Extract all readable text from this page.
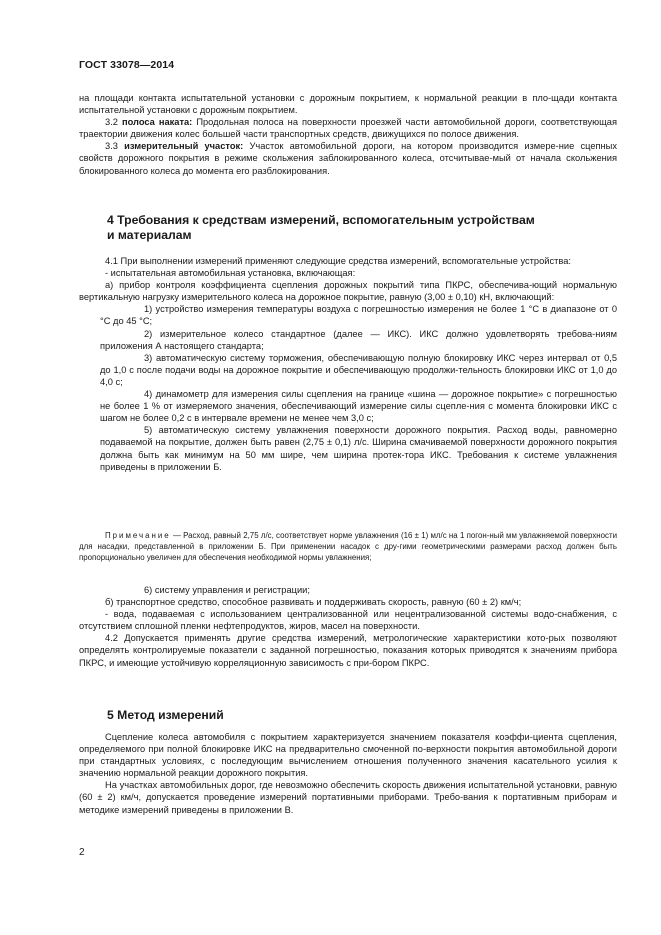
ГОСТ 33078—2014

на площади контакта испытательной установки с дорожным покрытием, к нормальной реакции в пло-щади контакта испытательной установки с дорожным покрытием.

3.2 полоса наката: Продольная полоса на поверхности проезжей части автомобильной дороги, соответствующая траектории движения колес большей части транспортных средств, движущихся по полосе движения.

3.3 измерительный участок: Участок автомобильной дороги, на котором производится измере-ние сцепных свойств дорожного покрытия в режиме скольжения заблокированного колеса, отсчитывае-мый от начала скольжения блокированного колеса до момента его разблокирования.

4 Требования к средствам измерений, вспомогательным устройствам
и материалам

4.1 При выполнении измерений применяют следующие средства измерений, вспомогательные устройства:

- испытательная автомобильная установка, включающая:

а) прибор контроля коэффициента сцепления дорожных покрытий типа ПКРС, обеспечива-ющий нормальную вертикальную нагрузку измерительного колеса на дорожное покрытие, равную (3,00 ± 0,10) кН, включающий:

1) устройство измерения температуры воздуха с погрешностью измерения не более 1 °С в диапазоне от 0 °С до 45 °С;

2) измерительное колесо стандартное (далее — ИКС). ИКС должно удовлетворять требова-ниям приложения А настоящего стандарта;

3) автоматическую систему торможения, обеспечивающую полную блокировку ИКС через интервал от 0,5 до 1,0 с после подачи воды на дорожное покрытие и обеспечивающую продолжи-тельность блокировки ИКС от 1,0 до 4,0 с;

4) динамометр для измерения силы сцепления на границе «шина — дорожное покрытие» с погрешностью не более 1 % от измеряемого значения, обеспечивающий измерение силы сцепле-ния с момента блокировки ИКС с шагом не более 0,2 с в интервале времени не менее чем 3,0 с;

5) автоматическую систему увлажнения поверхности дорожного покрытия. Расход воды, равномерно подаваемой на покрытие, должен быть равен (2,75 ± 0,1) л/с. Ширина смачиваемой поверхности дорожного покрытия должна быть как минимум на 50 мм шире, чем ширина протек-тора ИКС. Требования к системе увлажнения приведены в приложении Б.

Примечание — Расход, равный 2,75 л/с, соответствует норме увлажнения (16 ± 1) мл/с на 1 погон-ный мм увлажняемой поверхности для насадки, представленной в приложении Б. При применении насадок с дру-гими геометрическими размерами расход должен быть пропорционально увеличен для обеспечения необходимой нормы увлажнения;

6) систему управления и регистрации;

б) транспортное средство, способное развивать и поддерживать скорость, равную (60 ± 2) км/ч;

- вода, подаваемая с использованием централизованной или нецентрализованной системы водо-снабжения, с отсутствием сплошной пленки нефтепродуктов, жиров, масел на поверхности.

4.2 Допускается применять другие средства измерений, метрологические характеристики кото-рых позволяют определять контролируемые показатели с заданной погрешностью, показания которых приводятся к значениям прибора ПКРС, и имеющие устойчивую корреляционную зависимость с при-бором ПКРС.

5 Метод измерений

Сцепление колеса автомобиля с покрытием характеризуется значением показателя коэффи-циента сцепления, определяемого при полной блокировке ИКС на предварительно смоченной по-верхности покрытия автомобильной дороги при стандартных условиях, с последующим вычислением отношения полученного значения касательного усилия к значению нормальной реакции дорожного покрытия.

На участках автомобильных дорог, где невозможно обеспечить скорость движения испытательной установки, равную (60 ± 2) км/ч, допускается проведение измерений портативными приборами. Требо-вания к портативным приборам и методике измерений приведены в приложении В.

2
